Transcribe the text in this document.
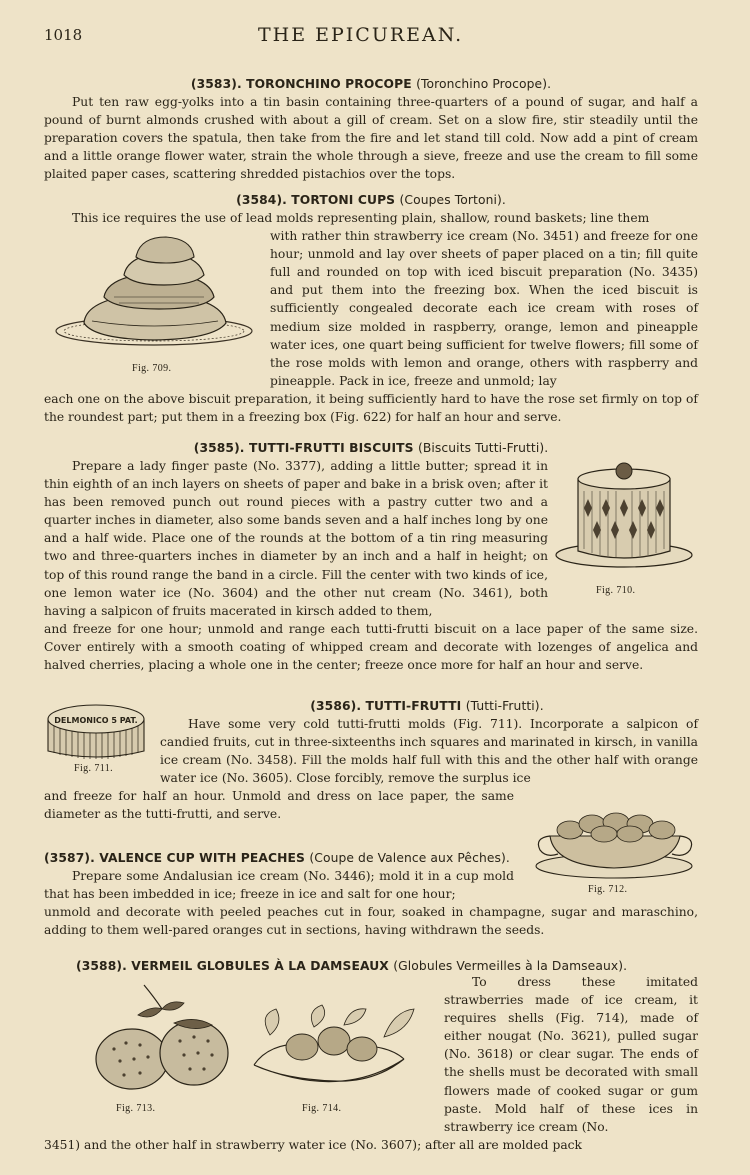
1018	THE EPICUREAN.
(3583). TORONCHINO PROCOPE (Toronchino Procope).

Put ten raw egg-yolks into a tin basin containing three-quarters of a pound of sugar, and half a pound of burnt almonds crushed with about a gill of cream. Set on a slow fire, stir steadily until the preparation covers the spatula, then take from the fire and let stand till cold. Now add a pint of cream and a little orange flower water, strain the whole through a sieve, freeze and use the cream to fill some plaited paper cases, scattering shredded pistachios over the tops.

(3584). TORTONI CUPS (Coupes Tortoni).

This ice requires the use of lead molds representing plain, shallow, round baskets; line them

Fig. 709.

with rather thin strawberry ice cream (No. 3451) and freeze for one hour; unmold and lay over sheets of paper placed on a tin; fill quite full and rounded on top with iced biscuit preparation (No. 3435) and put them into the freezing box. When the iced biscuit is sufficiently congealed decorate each ice cream with roses of medium size molded in raspberry, orange, lemon and pineapple water ices, one quart being sufficient for twelve flowers; fill some of the rose molds with lemon and orange, others with raspberry and pineapple. Pack in ice, freeze and unmold; lay

each one on the above biscuit preparation, it being sufficiently hard to have the rose set firmly on top of the roundest part; put them in a freezing box (Fig. 622) for half an hour and serve.

(3585). TUTTI-FRUTTI BISCUITS (Biscuits Tutti-Frutti).

Prepare a lady finger paste (No. 3377), adding a little butter; spread it in thin eighth of an inch layers on sheets of paper and bake in a brisk oven; after it has been removed punch out round pieces with a pastry cutter two and a quarter inches in diameter, also some bands seven and a half inches long by one and a half wide. Place one of the rounds at the bottom of a tin ring measuring two and three-quarters inches in diameter by an inch and a half in height; on top of this round range the band in a circle. Fill the center with two kinds of ice, one lemon water ice (No. 3604) and the other nut cream (No. 3461), both having a salpicon of fruits macerated in kirsch added to them,

Fig. 710.

and freeze for one hour; unmold and range each tutti-frutti biscuit on a lace paper of the same size. Cover entirely with a smooth coating of whipped cream and decorate with lozenges of angelica and halved cherries, placing a whole one in the center; freeze once more for half an hour and serve.

(3586). TUTTI-FRUTTI (Tutti-Frutti).
DELMONICO 5 PAT.
Fig. 711.

Have some very cold tutti-frutti molds (Fig. 711). Incorporate a salpicon of candied fruits, cut in three-sixteenths inch squares and marinated in kirsch, in vanilla ice cream (No. 3458). Fill the molds half full with this and the other half with orange water ice (No. 3605). Close forcibly, remove the surplus ice

and freeze for half an hour. Unmold and dress on lace paper, the same diameter as the tutti-frutti, and serve.

Fig. 712.
(3587). VALENCE CUP WITH PEACHES (Coupe de Valence aux Pêches).

Prepare some Andalusian ice cream (No. 3446); mold it in a cup mold that has been imbedded in ice; freeze in ice and salt for one hour;

unmold and decorate with peeled peaches cut in four, soaked in champagne, sugar and maraschino, adding to them well-pared oranges cut in sections, having withdrawn the seeds.

(3588). VERMEIL GLOBULES À LA DAMSEAUX (Globules Vermeilles à la Damseaux).
Fig. 713.	Fig. 714.

To dress these imitated strawberries made of ice cream, it requires shells (Fig. 714), made of either nougat (No. 3621), pulled sugar (No. 3618) or clear sugar. The ends of the shells must be decorated with small flowers made of cooked sugar or gum paste. Mold half of these ices in strawberry ice cream (No.

3451) and the other half in strawberry water ice (No. 3607); after all are molded pack
